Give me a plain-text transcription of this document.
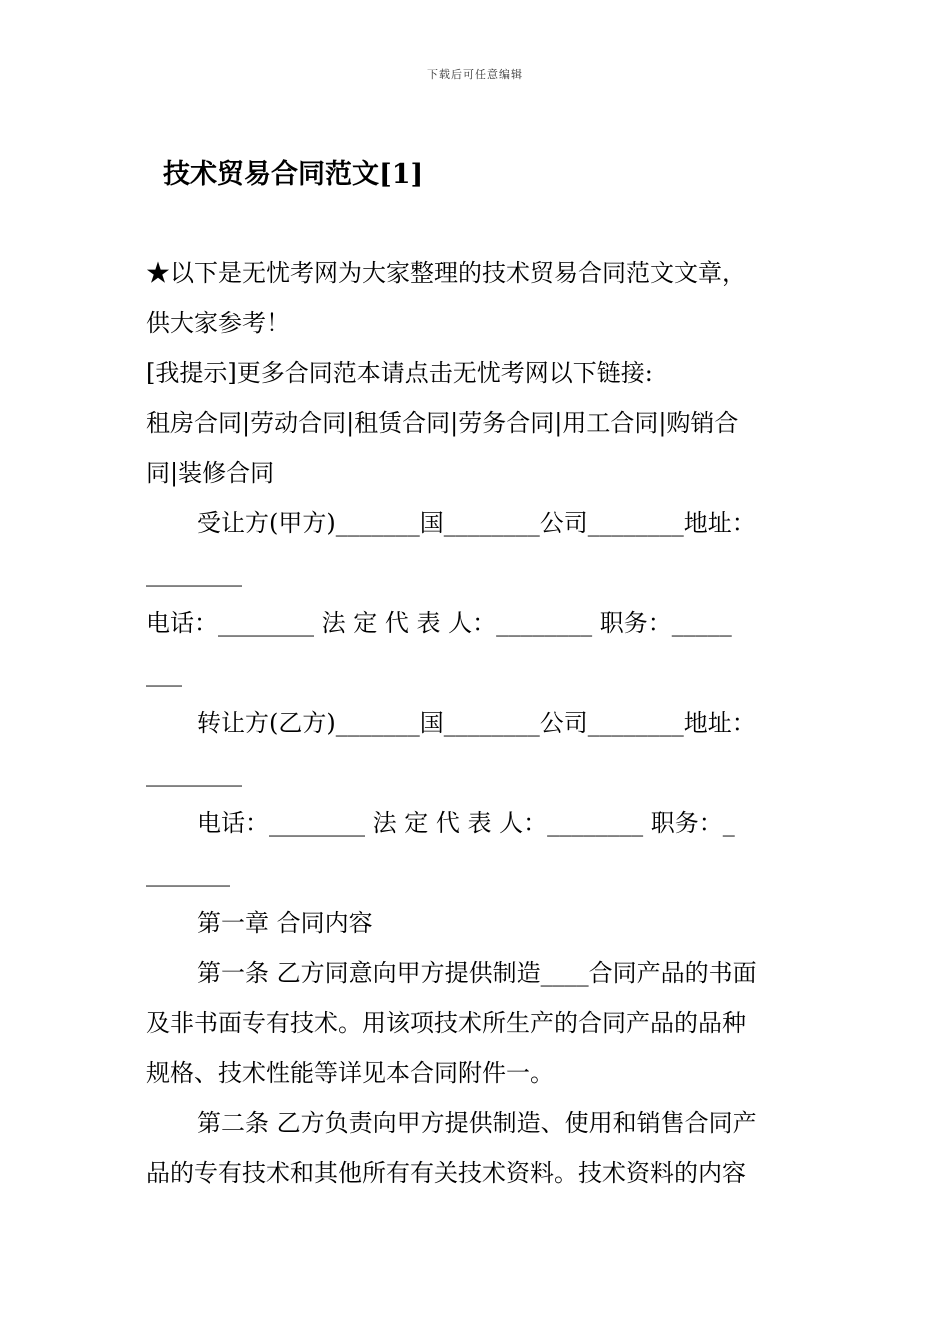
下载后可任意编辑
技术贸易合同范文[1]
★以下是无忧考网为大家整理的技术贸易合同范文文章，
供大家参考！
[我提示]更多合同范本请点击无忧考网以下链接:
租房合同|劳动合同|租赁合同|劳务合同|用工合同|购销合
同|装修合同
受让方(甲方)_______国________公司________地址：
________
电话：________ 法 定 代 表 人：________ 职务：_____
___
转让方(乙方)_______国________公司________地址：
________
电话：________ 法 定 代 表 人：________ 职务：_
_______
第一章 合同内容
第一条 乙方同意向甲方提供制造____合同产品的书面
及非书面专有技术。用该项技术所生产的合同产品的品种
规格、技术性能等详见本合同附件一。
第二条 乙方负责向甲方提供制造、使用和销售合同产
品的专有技术和其他所有有关技术资料。技术资料的内容
